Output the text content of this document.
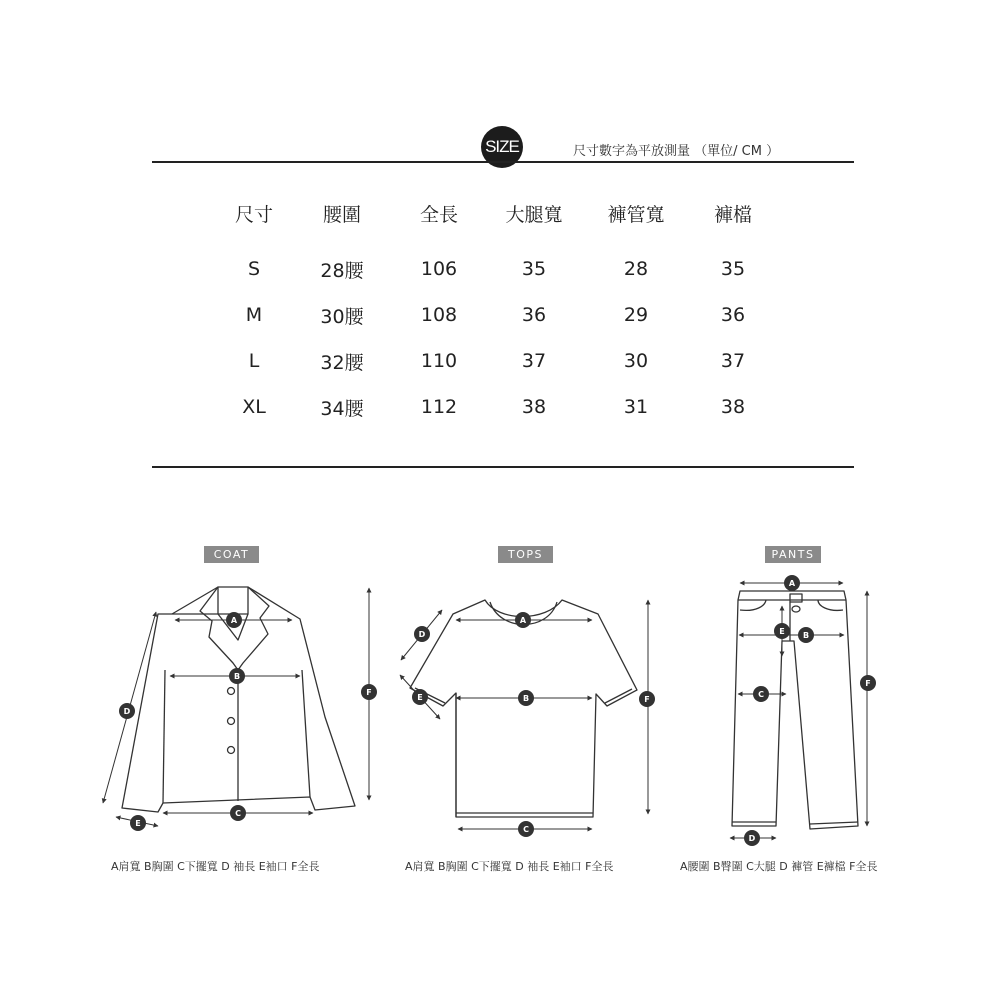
SIZE	尺寸數字為平放測量 （單位/ CM ）
尺寸	腰圍	全長	大腿寬	褲管寬	褲檔
S	28腰	106	35	28	35
M	30腰	108	36	29	36
L	32腰	110	37	30	37
XL	34腰	112	38	31	38
COAT	TOPS	PANTS
A
B
C
D
E
F
A
B
C
D
E	F
A
E B
C
D
F
A肩寬 B胸圍 C下擺寬 D 袖長 E袖口 F全長	A肩寬 B胸圍 C下擺寬 D 袖長 E袖口 F全長	A腰圍 B臀圍 C大腿 D 褲管 E褲檔 F全長
